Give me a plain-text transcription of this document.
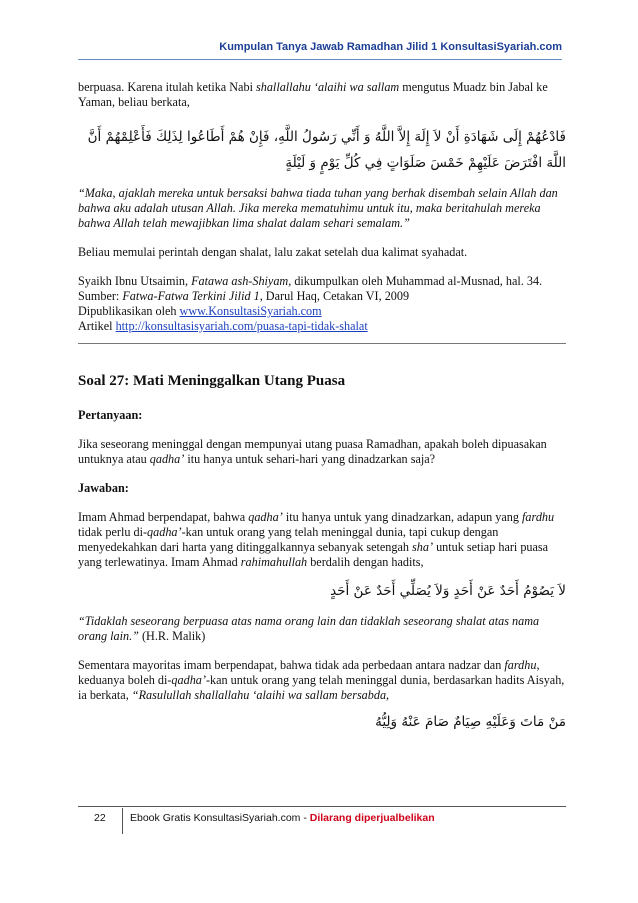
Kumpulan Tanya Jawab Ramadhan Jilid 1 KonsultasiSyariah.com

berpuasa. Karena itulah ketika Nabi shallallahu ‘alaihi wa sallam mengutus Muadz bin Jabal ke Yaman, beliau berkata,

فَادْعُهُمْ إِلَى شَهَادَةِ أَنْ لاَ إِلَهَ إِلاَّ اللَّهُ وَ أَنِّي رَسُولُ اللَّهِ، فَإِنْ هُمْ أَطَاعُوا لِذَلِكَ فَأَعْلِمْهُمْ أَنَّ اللَّهَ افْتَرَضَ عَلَيْهِمْ خَمْسَ صَلَوَاتٍ فِي كُلِّ يَوْمٍ وَ لَيْلَةٍ

“Maka, ajaklah mereka untuk bersaksi bahwa tiada tuhan yang berhak disembah selain Allah dan bahwa aku adalah utusan Allah. Jika mereka mematuhimu untuk itu, maka beritahulah mereka bahwa Allah telah mewajibkan lima shalat dalam sehari semalam.”

Beliau memulai perintah dengan shalat, lalu zakat setelah dua kalimat syahadat.

Syaikh Ibnu Utsaimin, Fatawa ash-Shiyam, dikumpulkan oleh Muhammad al-Musnad, hal. 34.

Sumber: Fatwa-Fatwa Terkini Jilid 1, Darul Haq, Cetakan VI, 2009

Dipublikasikan oleh www.KonsultasiSyariah.com

Artikel http://konsultasisyariah.com/puasa-tapi-tidak-shalat

Soal 27: Mati Meninggalkan Utang Puasa

Pertanyaan:

Jika seseorang meninggal dengan mempunyai utang puasa Ramadhan, apakah boleh dipuasakan untuknya atau qadha’ itu hanya untuk sehari-hari yang dinadzarkan saja?

Jawaban:

Imam Ahmad berpendapat, bahwa qadha’ itu hanya untuk yang dinadzarkan, adapun yang fardhu tidak perlu di-qadha’-kan untuk orang yang telah meninggal dunia, tapi cukup dengan menyedekahkan dari harta yang ditinggalkannya sebanyak setengah sha’ untuk setiap hari puasa yang terlewatinya. Imam Ahmad rahimahullah berdalih dengan hadits,

لاَ يَصُوْمُ أَحَدٌ عَنْ أَحَدٍ وَلاَ يُصَلِّي أَحَدٌ عَنْ أَحَدٍ

“Tidaklah seseorang berpuasa atas nama orang lain dan tidaklah seseorang shalat atas nama orang lain.” (H.R. Malik)

Sementara mayoritas imam berpendapat, bahwa tidak ada perbedaan antara nadzar dan fardhu, keduanya boleh di-qadha’-kan untuk orang yang telah meninggal dunia, berdasarkan hadits Aisyah, ia berkata, “Rasulullah shallallahu ‘alaihi wa sallam bersabda,

مَنْ مَاتَ وَعَلَيْهِ صِيَامٌ صَامَ عَنْهُ وَلِيُّهُ

22 Ebook Gratis KonsultasiSyariah.com - Dilarang diperjualbelikan
